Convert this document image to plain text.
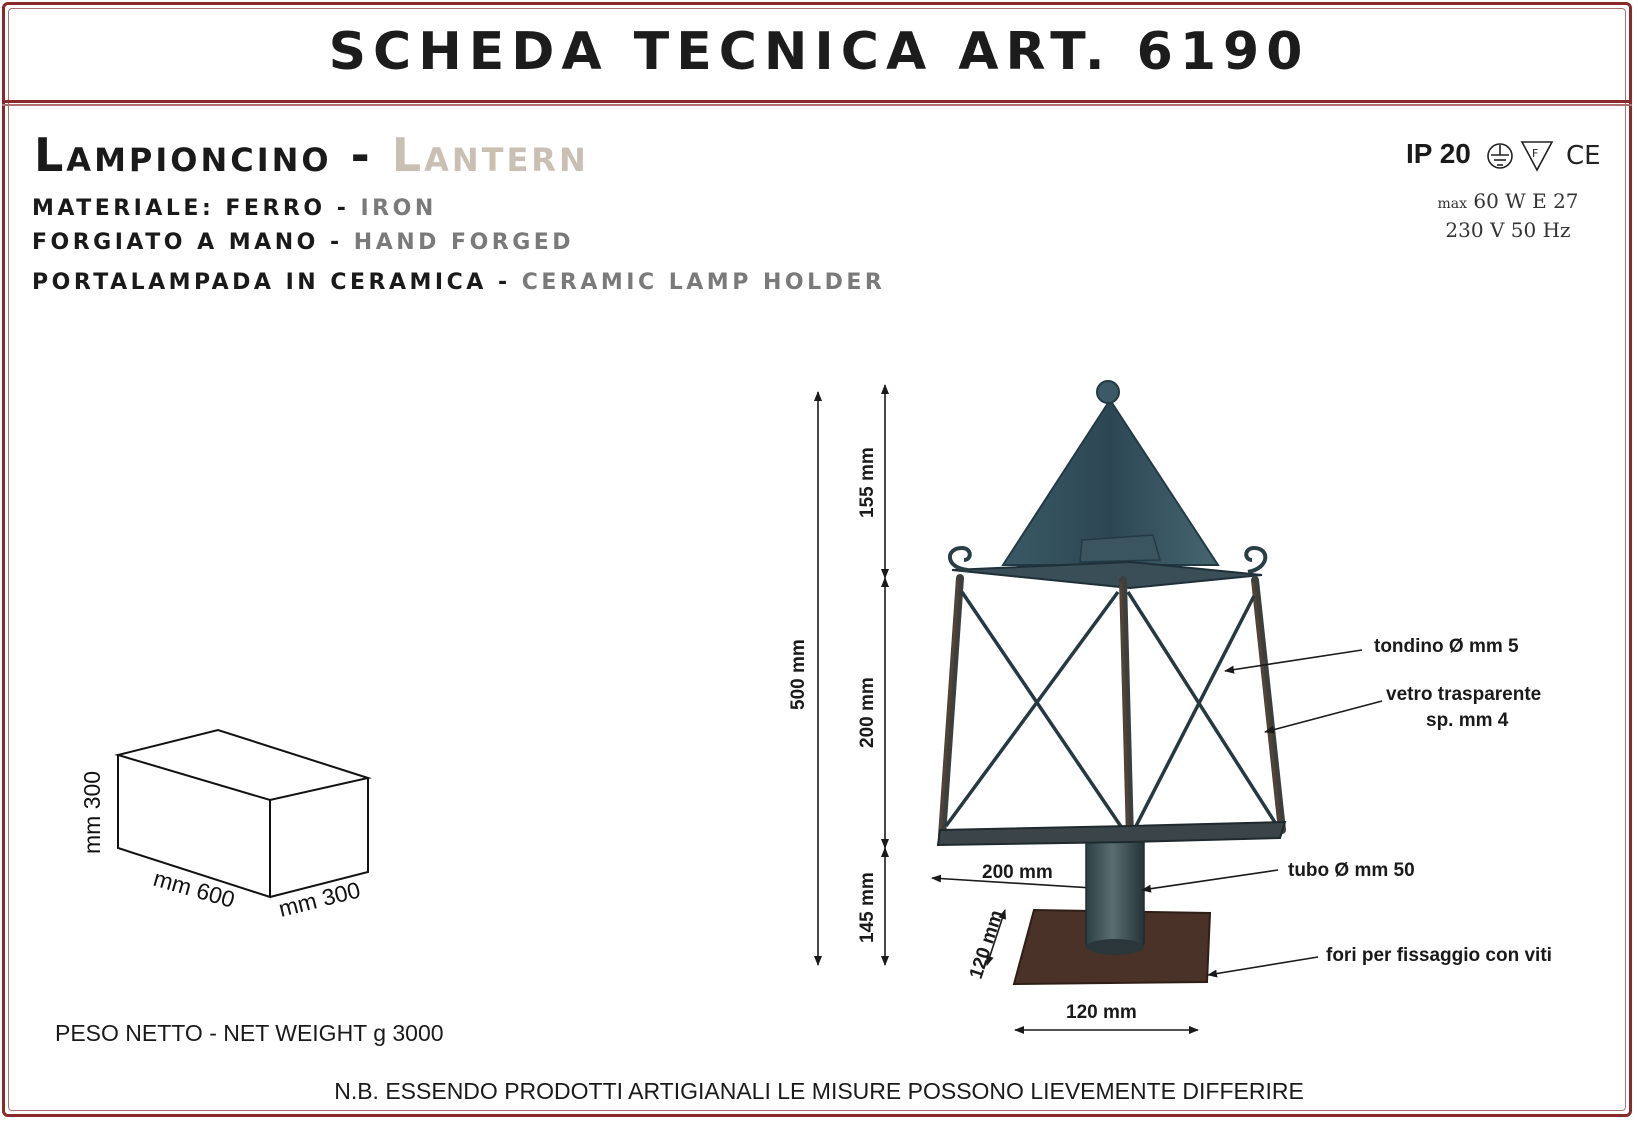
SCHEDA TECNICA ART. 6190
Lampioncino - Lantern
MATERIALE: FERRO - IRON
FORGIATO A MANO - HAND FORGED
PORTALAMPADA IN CERAMICA - CERAMIC LAMP HOLDER
IP 20
max 60 W E 27
230 V 50 Hz
F CE
mm 300
mm 600 mm 300
500 mm
155 mm
200 mm
145 mm	200 mm
120 mm
120 mm
tondino Ø mm 5
vetro trasparente
sp. mm 4
tubo Ø mm 50
fori per fissaggio con viti
PESO NETTO - NET WEIGHT g 3000
N.B. ESSENDO PRODOTTI ARTIGIANALI LE MISURE POSSONO LIEVEMENTE DIFFERIRE
